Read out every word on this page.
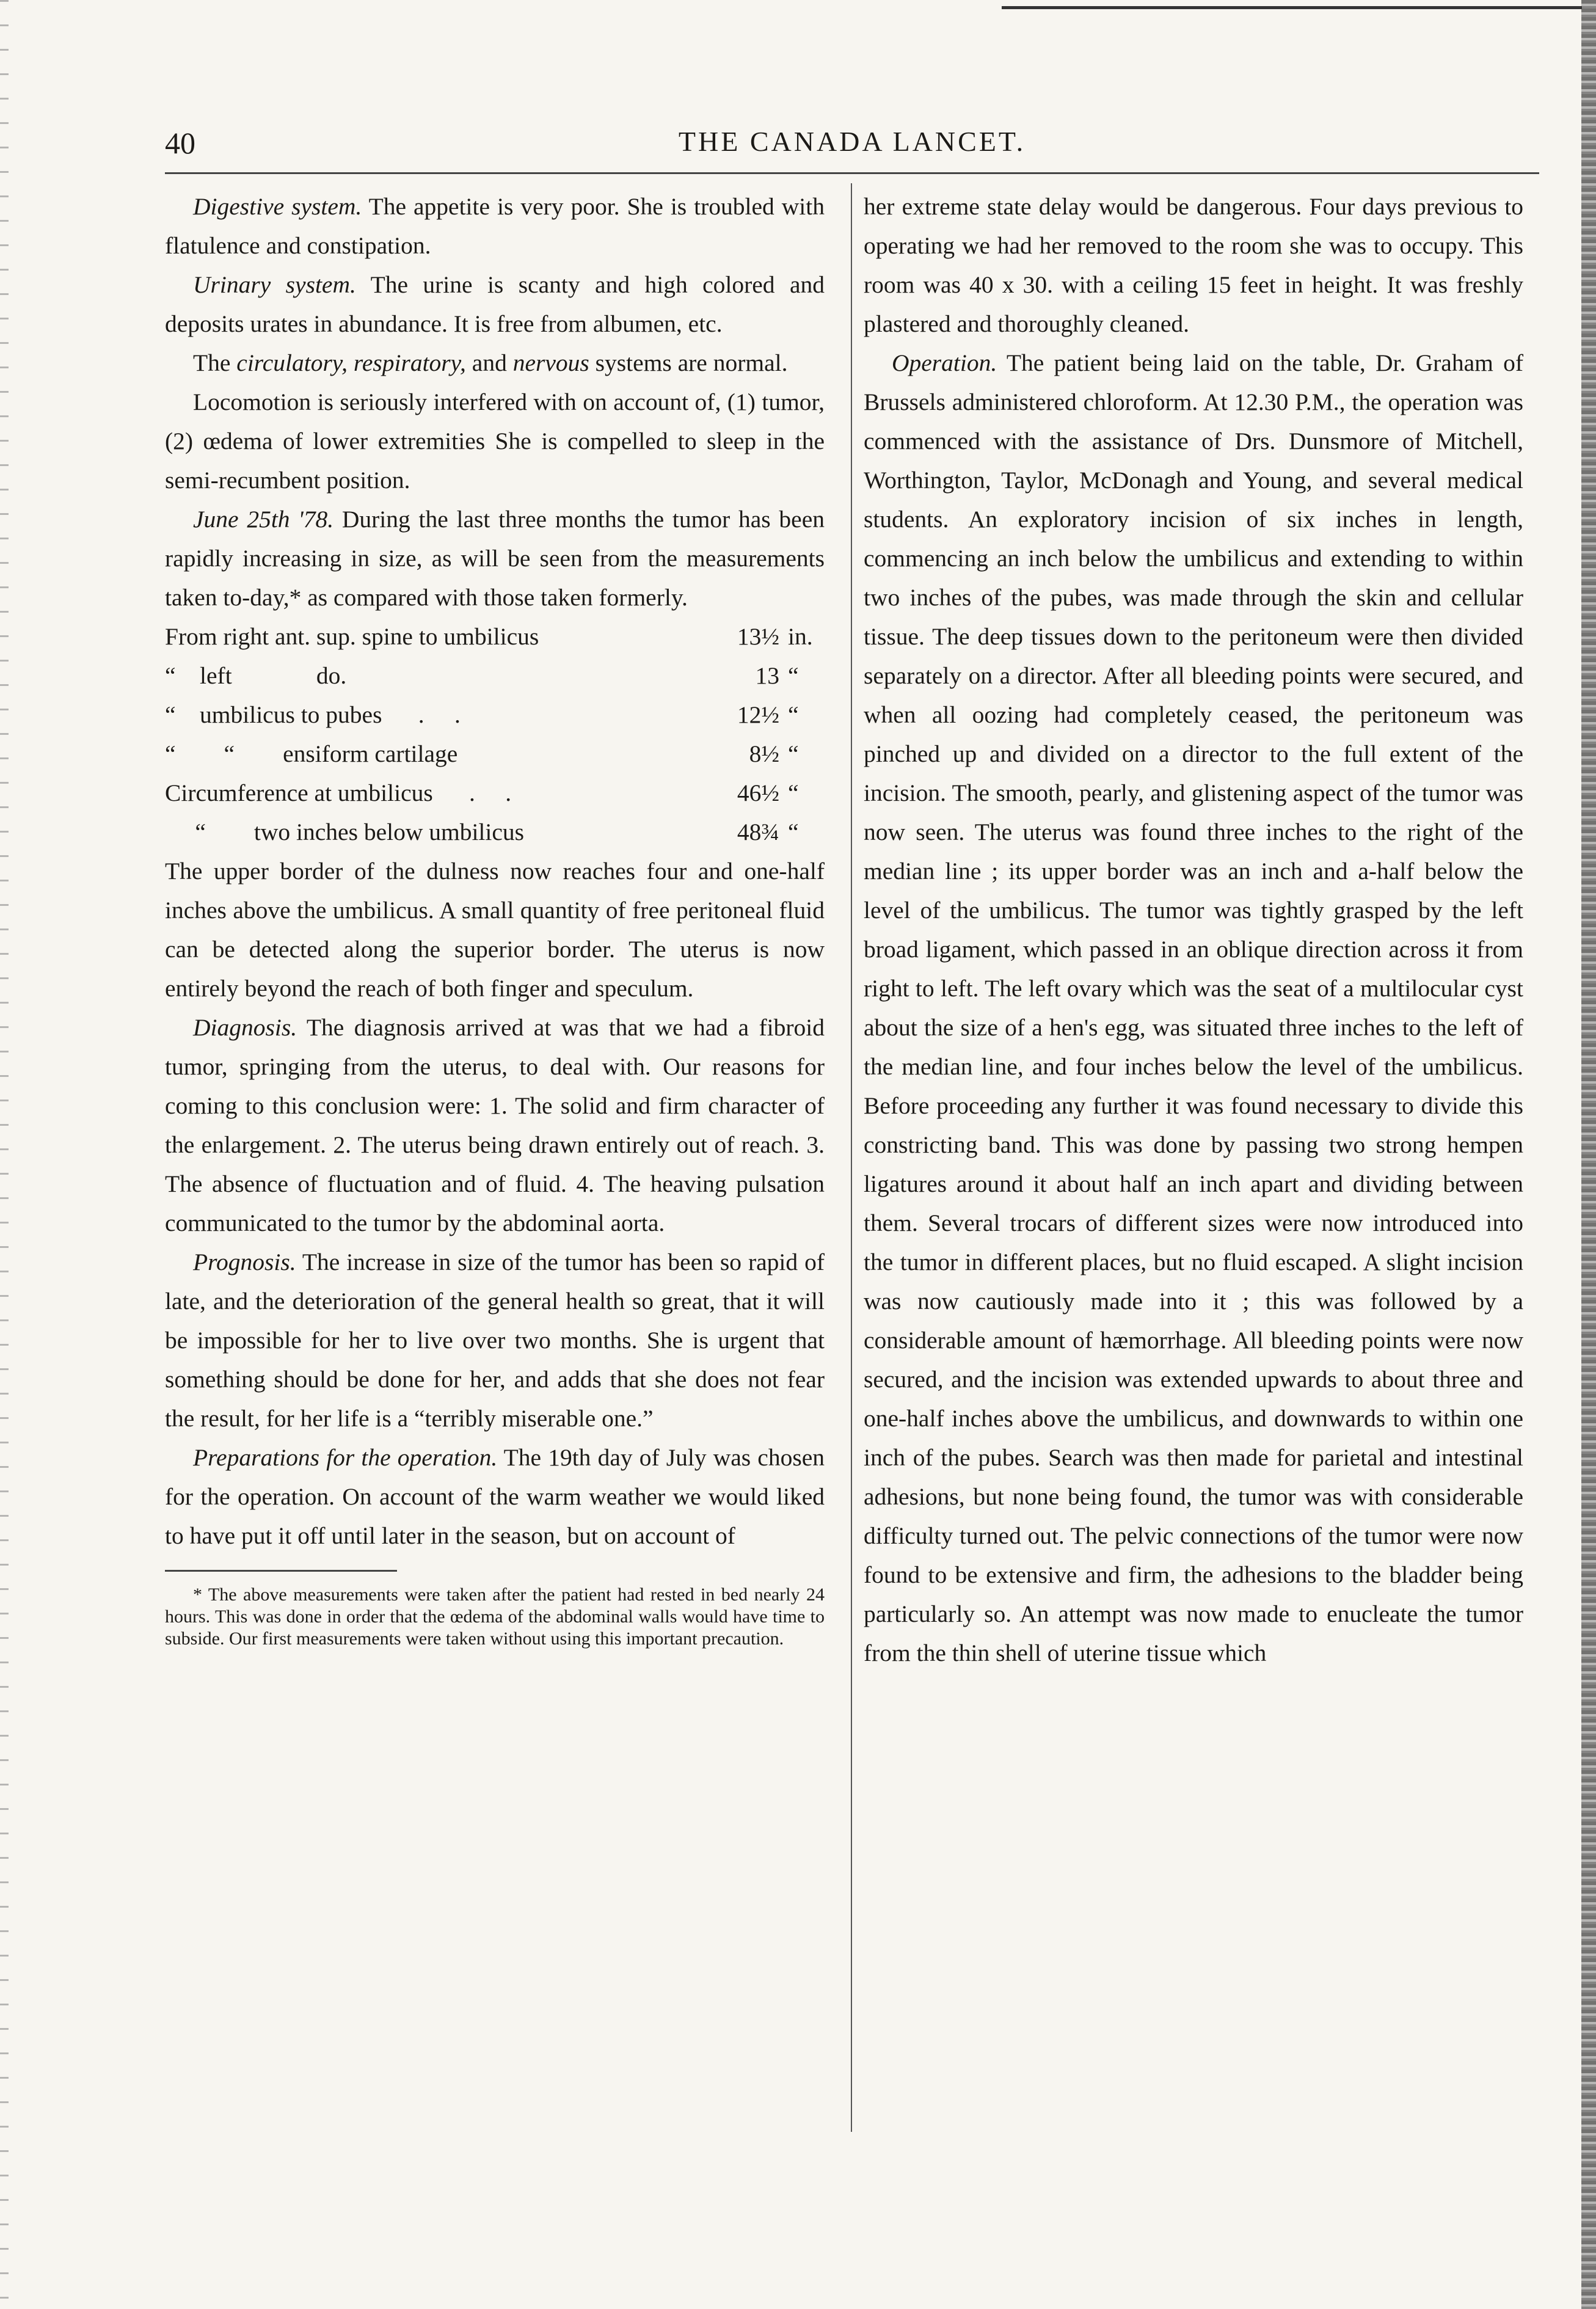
40	THE CANADA LANCET.

Digestive system. The appetite is very poor. She is troubled with flatulence and constipation.

Urinary system. The urine is scanty and high colored and deposits urates in abundance. It is free from albumen, etc.

The circulatory, respiratory, and nervous systems are normal.

Locomotion is seriously interfered with on account of, (1) tumor, (2) œdema of lower extremities She is compelled to sleep in the semi-recumbent position.

June 25th '78. During the last three months the tumor has been rapidly increasing in size, as will be seen from the measurements taken to-day,* as compared with those taken formerly.

From right ant. sup. spine to umbilicus	13½	in.
“    left              do.	13	“
“    umbilicus to pubes      .     .	12½	“
“        “        ensiform cartilage	8½	“
Circumference at umbilicus      .     .	46½	“
“        two inches below umbilicus	48¾	“

The upper border of the dulness now reaches four and one-half inches above the umbilicus. A small quantity of free peritoneal fluid can be detected along the superior border. The uterus is now entirely beyond the reach of both finger and speculum.

Diagnosis. The diagnosis arrived at was that we had a fibroid tumor, springing from the uterus, to deal with. Our reasons for coming to this conclusion were: 1. The solid and firm character of the enlargement. 2. The uterus being drawn entirely out of reach. 3. The absence of fluctuation and of fluid. 4. The heaving pulsation communicated to the tumor by the abdominal aorta.

Prognosis. The increase in size of the tumor has been so rapid of late, and the deterioration of the general health so great, that it will be impossible for her to live over two months. She is urgent that something should be done for her, and adds that she does not fear the result, for her life is a “terribly miserable one.”

Preparations for the operation. The 19th day of July was chosen for the operation. On account of the warm weather we would liked to have put it off until later in the season, but on account of

* The above measurements were taken after the patient had rested in bed nearly 24 hours. This was done in order that the œdema of the abdominal walls would have time to subside. Our first measurements were taken without using this important precaution.

her extreme state delay would be dangerous. Four days previous to operating we had her removed to the room she was to occupy. This room was 40 x 30. with a ceiling 15 feet in height. It was freshly plastered and thoroughly cleaned.

Operation. The patient being laid on the table, Dr. Graham of Brussels administered chloroform. At 12.30 P.M., the operation was commenced with the assistance of Drs. Dunsmore of Mitchell, Worthington, Taylor, McDonagh and Young, and several medical students. An exploratory incision of six inches in length, commencing an inch below the umbilicus and extending to within two inches of the pubes, was made through the skin and cellular tissue. The deep tissues down to the peritoneum were then divided separately on a director. After all bleeding points were secured, and when all oozing had completely ceased, the peritoneum was pinched up and divided on a director to the full extent of the incision. The smooth, pearly, and glistening aspect of the tumor was now seen. The uterus was found three inches to the right of the median line ; its upper border was an inch and a-half below the level of the umbilicus. The tumor was tightly grasped by the left broad ligament, which passed in an oblique direction across it from right to left. The left ovary which was the seat of a multilocular cyst about the size of a hen's egg, was situated three inches to the left of the median line, and four inches below the level of the umbilicus. Before proceeding any further it was found necessary to divide this constricting band. This was done by passing two strong hempen ligatures around it about half an inch apart and dividing between them. Several trocars of different sizes were now introduced into the tumor in different places, but no fluid escaped. A slight incision was now cautiously made into it ; this was followed by a considerable amount of hæmorrhage. All bleeding points were now secured, and the incision was extended upwards to about three and one-half inches above the umbilicus, and downwards to within one inch of the pubes. Search was then made for parietal and intestinal adhesions, but none being found, the tumor was with considerable difficulty turned out. The pelvic connections of the tumor were now found to be extensive and firm, the adhesions to the bladder being particularly so. An attempt was now made to enucleate the tumor from the thin shell of uterine tissue which
